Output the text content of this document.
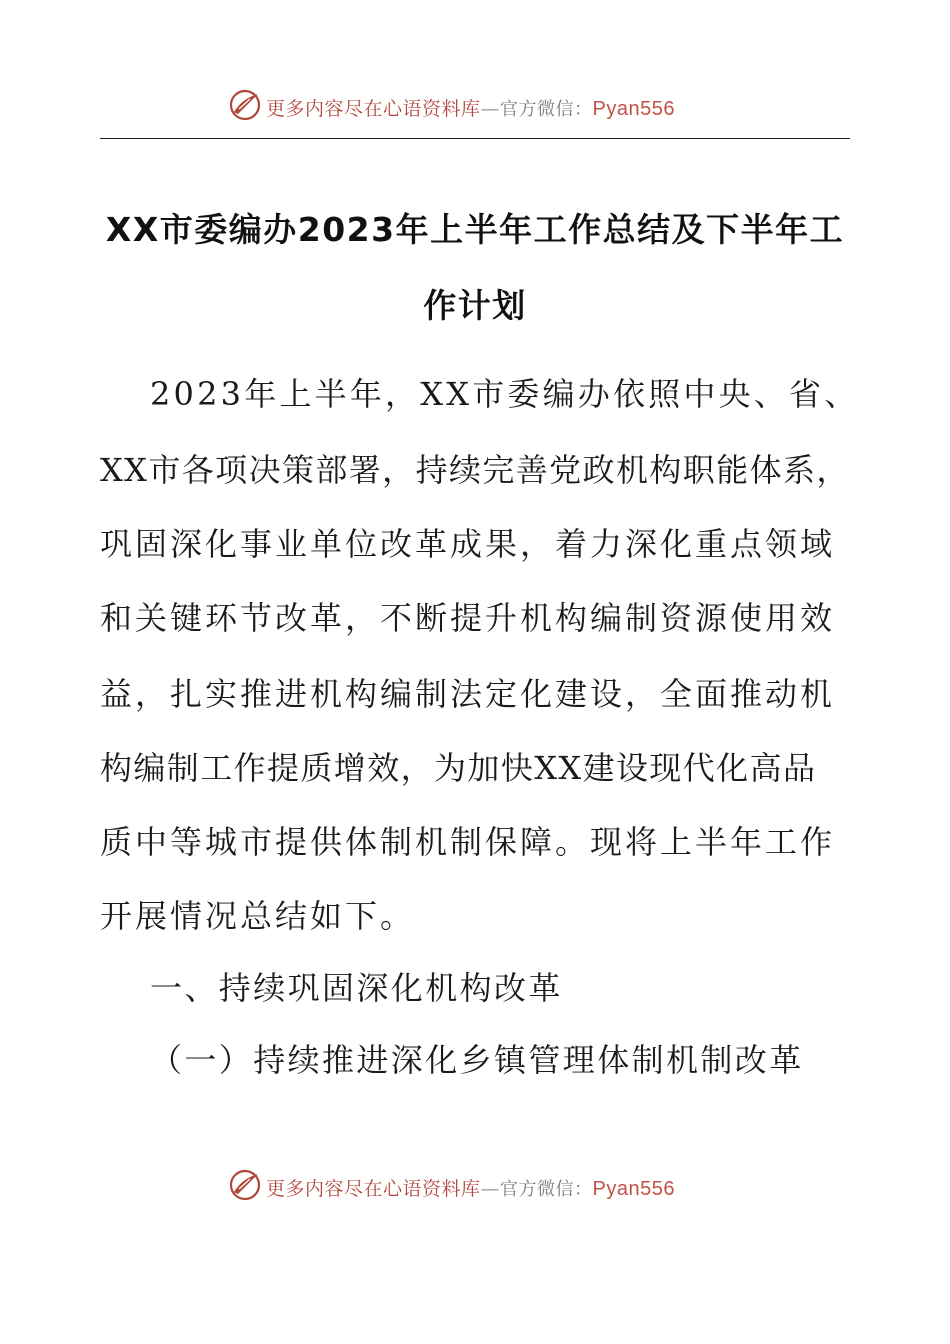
更多内容尽在心语资料库—官方微信：Pyan556
XX市委编办2023年上半年工作总结及下半年工
作计划
2023年上半年，XX市委编办依照中央、省、
XX市各项决策部署，持续完善党政机构职能体系，
巩固深化事业单位改革成果，着力深化重点领域
和关键环节改革，不断提升机构编制资源使用效
益，扎实推进机构编制法定化建设，全面推动机
构编制工作提质增效，为加快XX建设现代化高品
质中等城市提供体制机制保障。现将上半年工作
开展情况总结如下。
一、持续巩固深化机构改革
（一）持续推进深化乡镇管理体制机制改革
更多内容尽在心语资料库—官方微信：Pyan556
